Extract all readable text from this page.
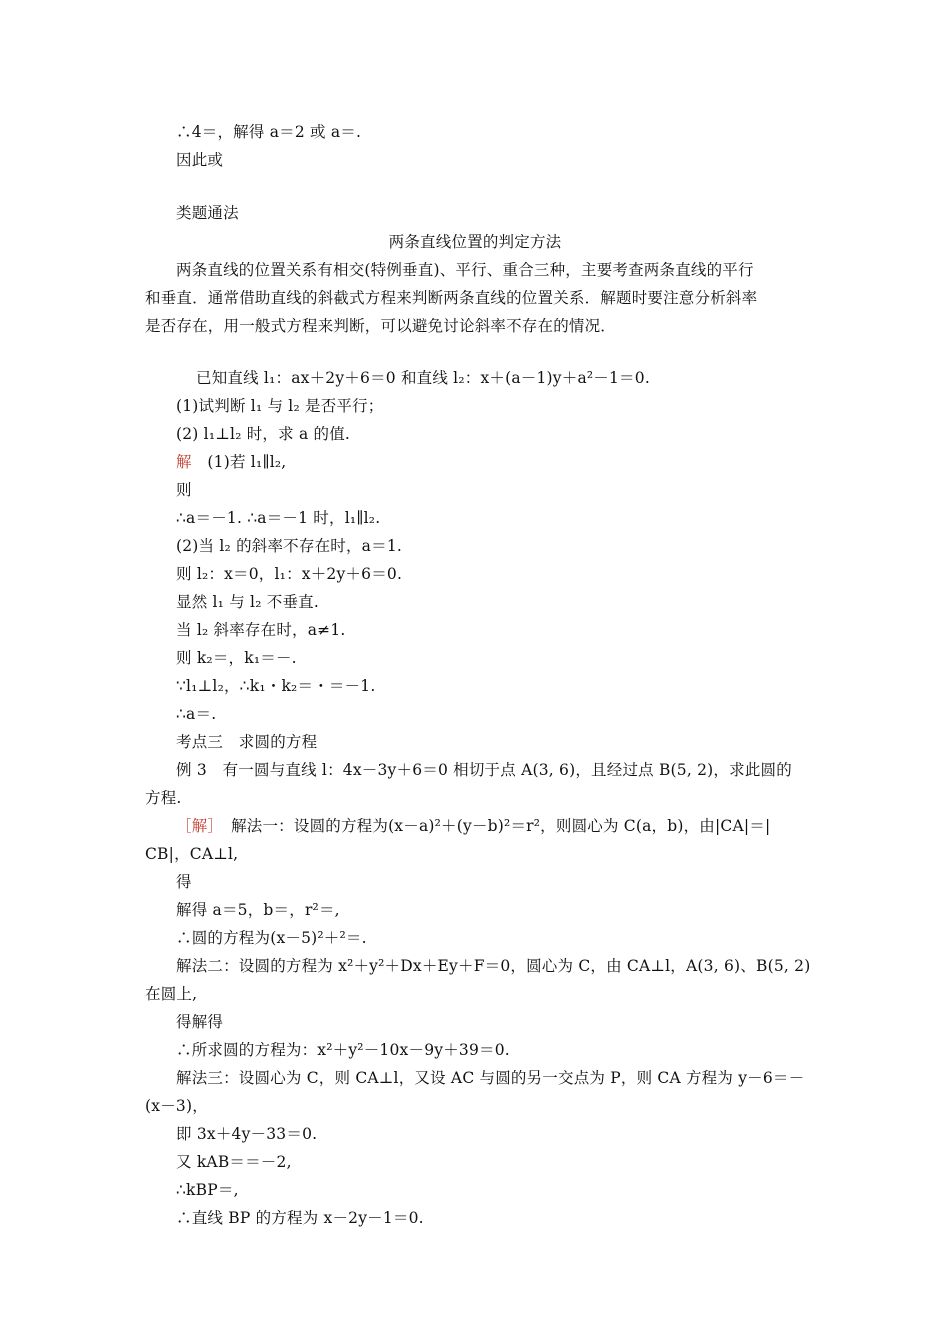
∴4＝，解得 a＝2 或 a＝.
因此或
类题通法
两条直线位置的判定方法
两条直线的位置关系有相交(特例垂直)、平行、重合三种，主要考查两条直线的平行
和垂直．通常借助直线的斜截式方程来判断两条直线的位置关系．解题时要注意分析斜率
是否存在，用一般式方程来判断，可以避免讨论斜率不存在的情况．
已知直线 l₁：ax＋2y＋6＝0 和直线 l₂：x＋(a－1)y＋a²－1＝0.
(1)试判断 l₁ 与 l₂ 是否平行；
(2) l₁⊥l₂ 时，求 a 的值.
解　 (1)若 l₁∥l₂,
则
∴a＝－1. ∴a＝－1 时，l₁∥l₂.
(2)当 l₂ 的斜率不存在时，a＝1.
则 l₂：x＝0，l₁：x＋2y＋6＝0.
显然 l₁ 与 l₂ 不垂直.
当 l₂ 斜率存在时，a≠1.
则 k₂＝，k₁＝－.
∵l₁⊥l₂，∴k₁・k₂＝・＝－1.
∴a＝.
考点三　求圆的方程
例 3　有一圆与直线 l：4x－3y＋6＝0 相切于点 A(3, 6)，且经过点 B(5, 2)，求此圆的
方程.
［解］　 解法一：设圆的方程为(x－a)²＋(y－b)²＝r²，则圆心为 C(a，b)，由|CA|＝|
CB|，CA⊥l,
得
解得 a＝5，b＝，r²＝,
∴圆的方程为(x－5)²＋²＝.
解法二：设圆的方程为 x²＋y²＋Dx＋Ey＋F＝0，圆心为 C，由 CA⊥l，A(3, 6)、B(5, 2)
在圆上,
得解得
∴所求圆的方程为：x²＋y²－10x－9y＋39＝0.
解法三：设圆心为 C，则 CA⊥l，又设 AC 与圆的另一交点为 P，则 CA 方程为 y－6＝－
(x－3)，
即 3x＋4y－33＝0.
又 kAB＝＝－2,
∴kBP＝,
∴直线 BP 的方程为 x－2y－1＝0.
